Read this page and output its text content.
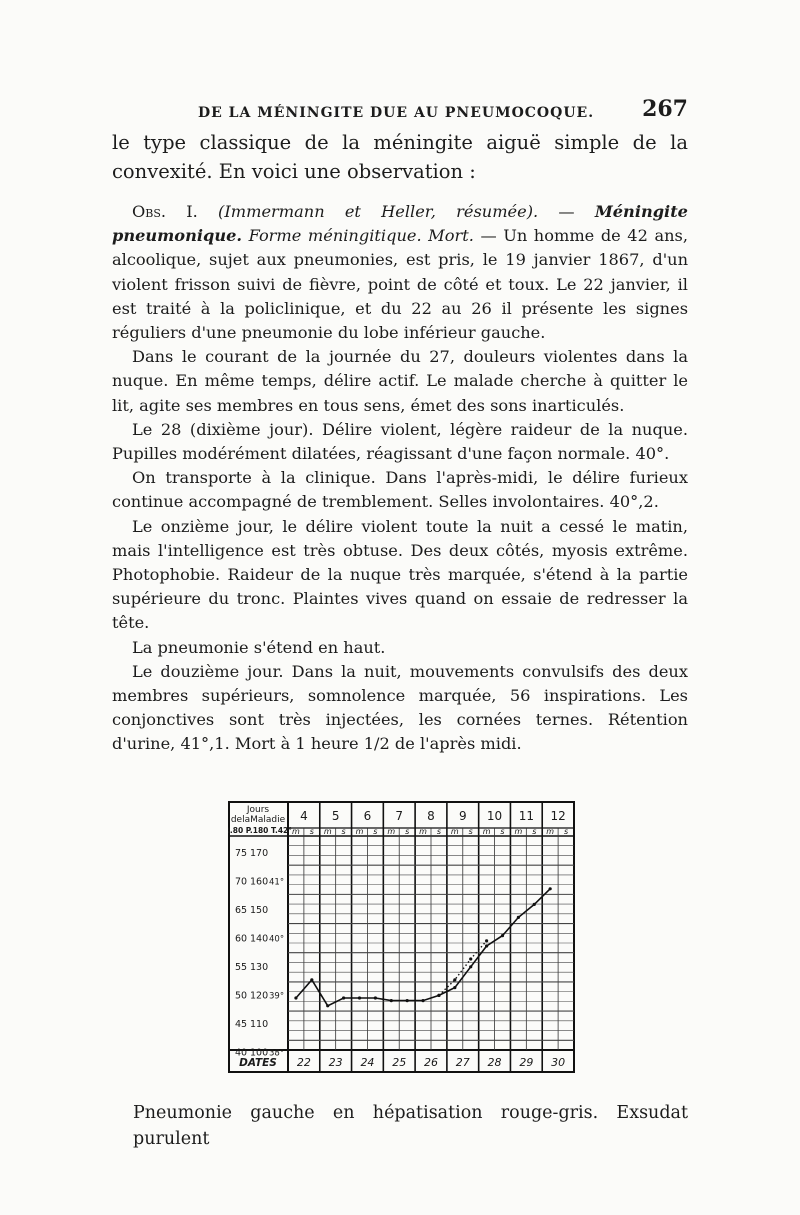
DE LA MÉNINGITE DUE AU PNEUMOCOQUE. 267

le type classique de la méningite aiguë simple de la convexité. En voici une observation :

Obs. I. (Immermann et Heller, résumée). — Méningite pneumonique. Forme méningitique. Mort. — Un homme de 42 ans, alcoolique, sujet aux pneumonies, est pris, le 19 janvier 1867, d'un violent frisson suivi de fièvre, point de côté et toux. Le 22 janvier, il est traité à la policlinique, et du 22 au 26 il présente les signes réguliers d'une pneumonie du lobe inférieur gauche.

Dans le courant de la journée du 27, douleurs violentes dans la nuque. En même temps, délire actif. Le malade cherche à quitter le lit, agite ses membres en tous sens, émet des sons inarticulés.

Le 28 (dixième jour). Délire violent, légère raideur de la nuque. Pupilles modérément dilatées, réagissant d'une façon normale. 40°.

On transporte à la clinique. Dans l'après-midi, le délire furieux continue accompagné de tremblement. Selles involontaires. 40°,2.

Le onzième jour, le délire violent toute la nuit a cessé le matin, mais l'intelligence est très obtuse. Des deux côtés, myosis extrême. Photophobie. Raideur de la nuque très marquée, s'étend à la partie supérieure du tronc. Plaintes vives quand on essaie de redresser la tête.

La pneumonie s'étend en haut.

Le douzième jour. Dans la nuit, mouvements convulsifs des deux membres supérieurs, somnolence marquée, 56 inspirations. Les conjonctives sont très injectées, les cornées ternes. Rétention d'urine, 41°,1. Mort à 1 heure 1/2 de l'après midi.

Jours
delaMaladie
R.80 P.180 T.42°
4
m s
5
m s
6
m s
7
m s
8
m s
9
m s
10
m s
11
m s
12
m s
75 170
70 160 41°
65 150
60 140 40°
55 130
50 120 39°
45 110
40 100 38°
DATES 22 23 24 25 26 27 28 29 30

Pneumonie gauche en hépatisation rouge-gris. Exsudat purulent
